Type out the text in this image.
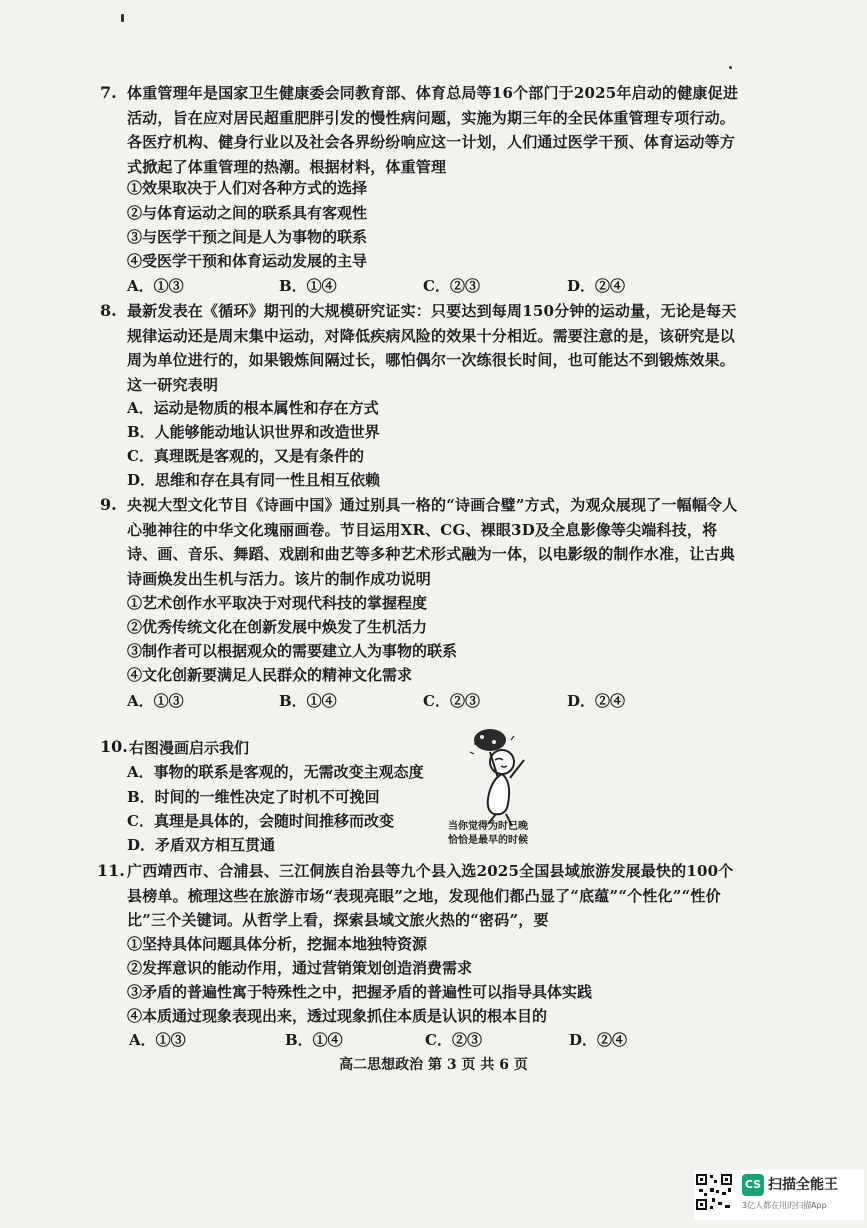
7. 体重管理年是国家卫生健康委会同教育部、体育总局等16个部门于2025年启动的健康促进活动，旨在应对居民超重肥胖引发的慢性病问题，实施为期三年的全民体重管理专项行动。各医疗机构、健身行业以及社会各界纷纷响应这一计划，人们通过医学干预、体育运动等方式掀起了体重管理的热潮。根据材料，体重管理
①效果取决于人们对各种方式的选择
②与体育运动之间的联系具有客观性
③与医学干预之间是人为事物的联系
④受医学干预和体育运动发展的主导
A．①③	B．①④	C．②③	D．②④
8. 最新发表在《循环》期刊的大规模研究证实：只要达到每周150分钟的运动量，无论是每天规律运动还是周末集中运动，对降低疾病风险的效果十分相近。需要注意的是，该研究是以周为单位进行的，如果锻炼间隔过长，哪怕偶尔一次练很长时间，也可能达不到锻炼效果。这一研究表明
A．运动是物质的根本属性和存在方式
B．人能够能动地认识世界和改造世界
C．真理既是客观的，又是有条件的
D．思维和存在具有同一性且相互依赖
9. 央视大型文化节目《诗画中国》通过别具一格的“诗画合璧”方式，为观众展现了一幅幅令人心驰神往的中华文化瑰丽画卷。节目运用XR、CG、裸眼3D及全息影像等尖端科技，将诗、画、音乐、舞蹈、戏剧和曲艺等多种艺术形式融为一体，以电影级的制作水准，让古典诗画焕发出生机与活力。该片的制作成功说明
①艺术创作水平取决于对现代科技的掌握程度
②优秀传统文化在创新发展中焕发了生机活力
③制作者可以根据观众的需要建立人为事物的联系
④文化创新要满足人民群众的精神文化需求
A．①③	B．①④	C．②③	D．②④
10. 右图漫画启示我们
A．事物的联系是客观的，无需改变主观态度
B．时间的一维性决定了时机不可挽回
C．真理是具体的，会随时间推移而改变
D．矛盾双方相互贯通
当你觉得为时已晚
恰恰是最早的时候
11. 广西靖西市、合浦县、三江侗族自治县等九个县入选2025全国县域旅游发展最快的100个县榜单。梳理这些在旅游市场“表现亮眼”之地，发现他们都凸显了“底蕴”“个性化”“性价比”三个关键词。从哲学上看，探索县域文旅火热的“密码”，要
①坚持具体问题具体分析，挖掘本地独特资源
②发挥意识的能动作用，通过营销策划创造消费需求
③矛盾的普遍性寓于特殊性之中，把握矛盾的普遍性可以指导具体实践
④本质通过现象表现出来，透过现象抓住本质是认识的根本目的
A．①③	B．①④	C．②③	D．②④
高二思想政治 第 3 页 共 6 页
CS 扫描全能王
3亿人都在用的扫描App
